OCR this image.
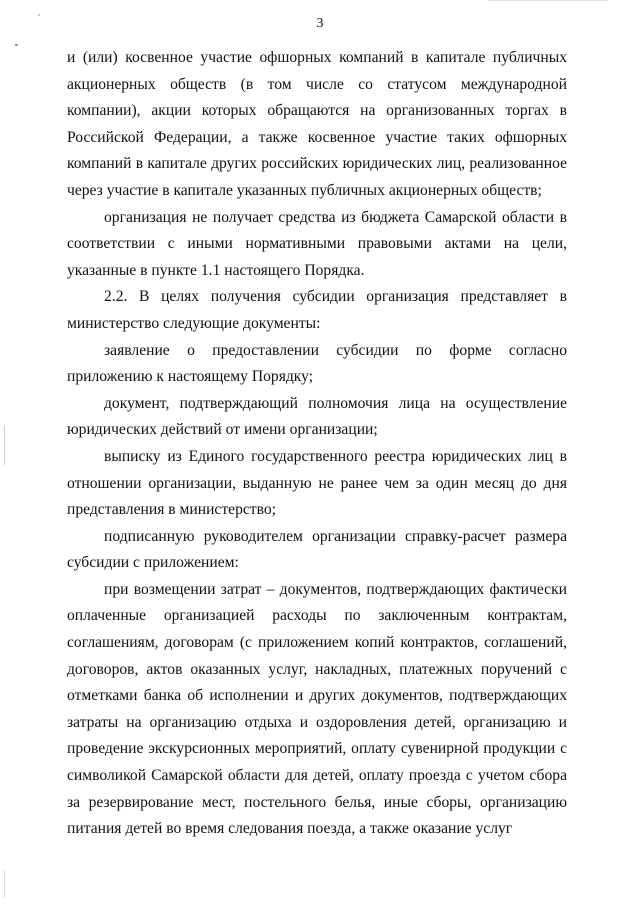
3

и (или) косвенное участие офшорных компаний в капитале публичных акционерных обществ (в том числе со статусом международной компании), акции которых обращаются на организованных торгах в Российской Федерации, а также косвенное участие таких офшорных компаний в капитале других российских юридических лиц, реализованное через участие в капитале указанных публичных акционерных обществ;

организация не получает средства из бюджета Самарской области в соответствии с иными нормативными правовыми актами на цели, указанные в пункте 1.1 настоящего Порядка.

2.2. В целях получения субсидии организация представляет в министерство следующие документы:

заявление о предоставлении субсидии по форме согласно приложению к настоящему Порядку;

документ, подтверждающий полномочия лица на осуществление юридических действий от имени организации;

выписку из Единого государственного реестра юридических лиц в отношении организации, выданную не ранее чем за один месяц до дня представления в министерство;

подписанную руководителем организации справку-расчет размера субсидии с приложением:

при возмещении затрат – документов, подтверждающих фактически оплаченные организацией расходы по заключенным контрактам, соглашениям, договорам (с приложением копий контрактов, соглашений, договоров, актов оказанных услуг, накладных, платежных поручений с отметками банка об исполнении и других документов, подтверждающих затраты на организацию отдыха и оздоровления детей, организацию и проведение экскурсионных мероприятий, оплату сувенирной продукции с символикой Самарской области для детей, оплату проезда с учетом сбора за резервирование мест, постельного белья, иные сборы, организацию питания детей во время следования поезда, а также оказание услуг
